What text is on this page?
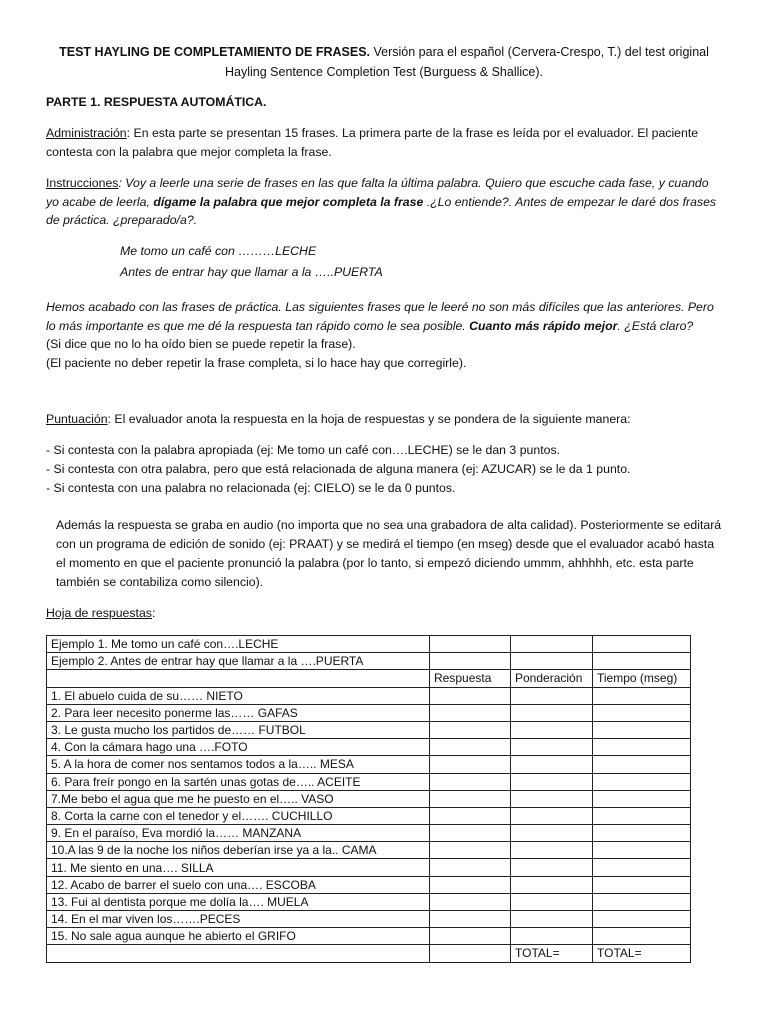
TEST HAYLING DE COMPLETAMIENTO DE FRASES. Versión para el español (Cervera-Crespo, T.) del test original
Hayling Sentence Completion Test (Burguess & Shallice).
PARTE 1. RESPUESTA AUTOMÁTICA.
Administración: En esta parte se presentan 15 frases. La primera parte de la frase es leída por el evaluador. El paciente contesta con la palabra que mejor completa la frase.
Instrucciones: Voy a leerle una serie de frases en las que falta la última palabra. Quiero que escuche cada fase, y cuando yo acabe de leerla, dígame la palabra que mejor completa la frase .¿Lo entiende?. Antes de empezar le daré dos frases de práctica. ¿preparado/a?.
Me tomo un café con ………LECHE
Antes de entrar hay que llamar a la …..PUERTA
Hemos acabado con las frases de práctica. Las siguientes frases que le leeré no son más difíciles que las anteriores. Pero lo más importante es que me dé la respuesta tan rápido como le sea posible. Cuanto más rápido mejor. ¿Está claro?
(Si dice que no lo ha oído bien se puede repetir la frase).
(El paciente no deber repetir la frase completa, si lo hace hay que corregirle).
Puntuación: El evaluador anota la respuesta en la hoja de respuestas y se pondera de la siguiente manera:
- Si contesta con la palabra apropiada (ej: Me tomo un café con….LECHE) se le dan 3 puntos.
- Si contesta con otra palabra, pero que está relacionada de alguna manera (ej: AZUCAR) se le da 1 punto.
- Si contesta con una palabra no relacionada (ej: CIELO) se le da 0 puntos.
Además la respuesta se graba en audio (no importa que no sea una grabadora de alta calidad). Posteriormente se editará con un programa de edición de sonido (ej: PRAAT) y se medirá el tiempo (en mseg) desde que el evaluador acabó hasta el momento en que el paciente pronunció la palabra (por lo tanto, si empezó diciendo ummm, ahhhhh, etc. esta parte también se contabiliza como silencio).
Hoja de respuestas:
Ejemplo 1. Me tomo un café con….LECHE			
Ejemplo 2. Antes de entrar hay que llamar a la ….PUERTA			
	Respuesta	Ponderación	Tiempo (mseg)
1. El abuelo cuida de su…… NIETO			
2. Para leer necesito ponerme las…… GAFAS			
3. Le gusta mucho los partidos de…… FUTBOL			
4. Con la cámara hago una ….FOTO			
5. A la hora de comer nos sentamos todos a la….. MESA			
6. Para freír pongo en la sartén unas gotas de….. ACEITE			
7.Me bebo el agua que me he puesto en el….. VASO			
8. Corta la carne con el tenedor y el……. CUCHILLO			
9. En el paraíso, Eva mordió la…… MANZANA			
10.A las 9 de la noche los niños deberían irse ya a la.. CAMA			
11. Me siento en una…. SILLA			
12. Acabo de barrer el suelo con una…. ESCOBA			
13. Fui al dentista porque me dolía la…. MUELA			
14. En el mar viven los…….PECES			
15. No sale agua aunque he abierto el GRIFO			
		TOTAL=	TOTAL=
